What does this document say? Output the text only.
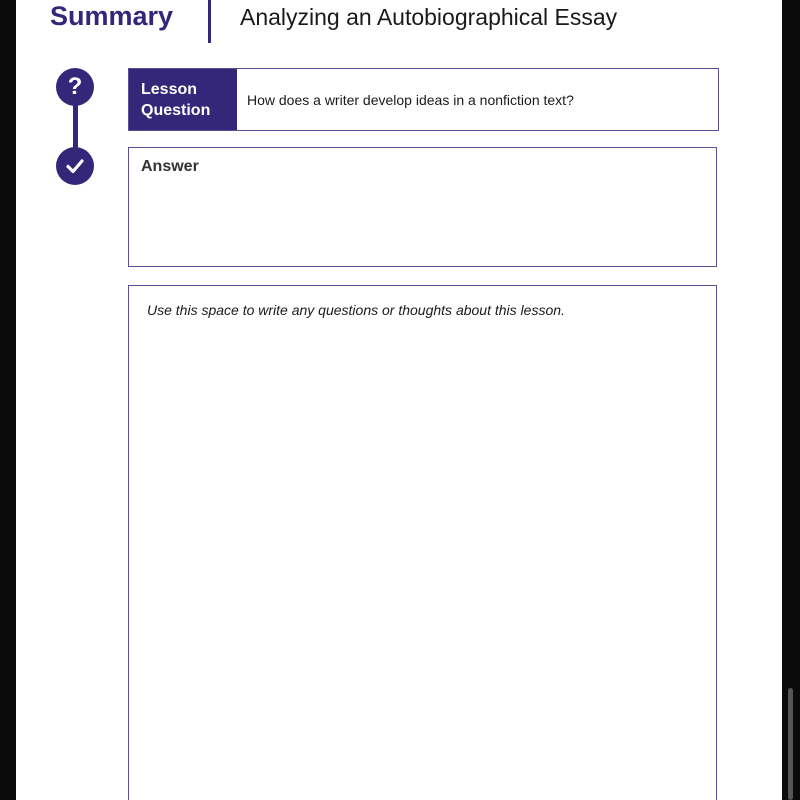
Summary	Analyzing an Autobiographical Essay
?	Lesson
Question
How does a writer develop ideas in a nonfiction text?
Answer
Use this space to write any questions or thoughts about this lesson.
